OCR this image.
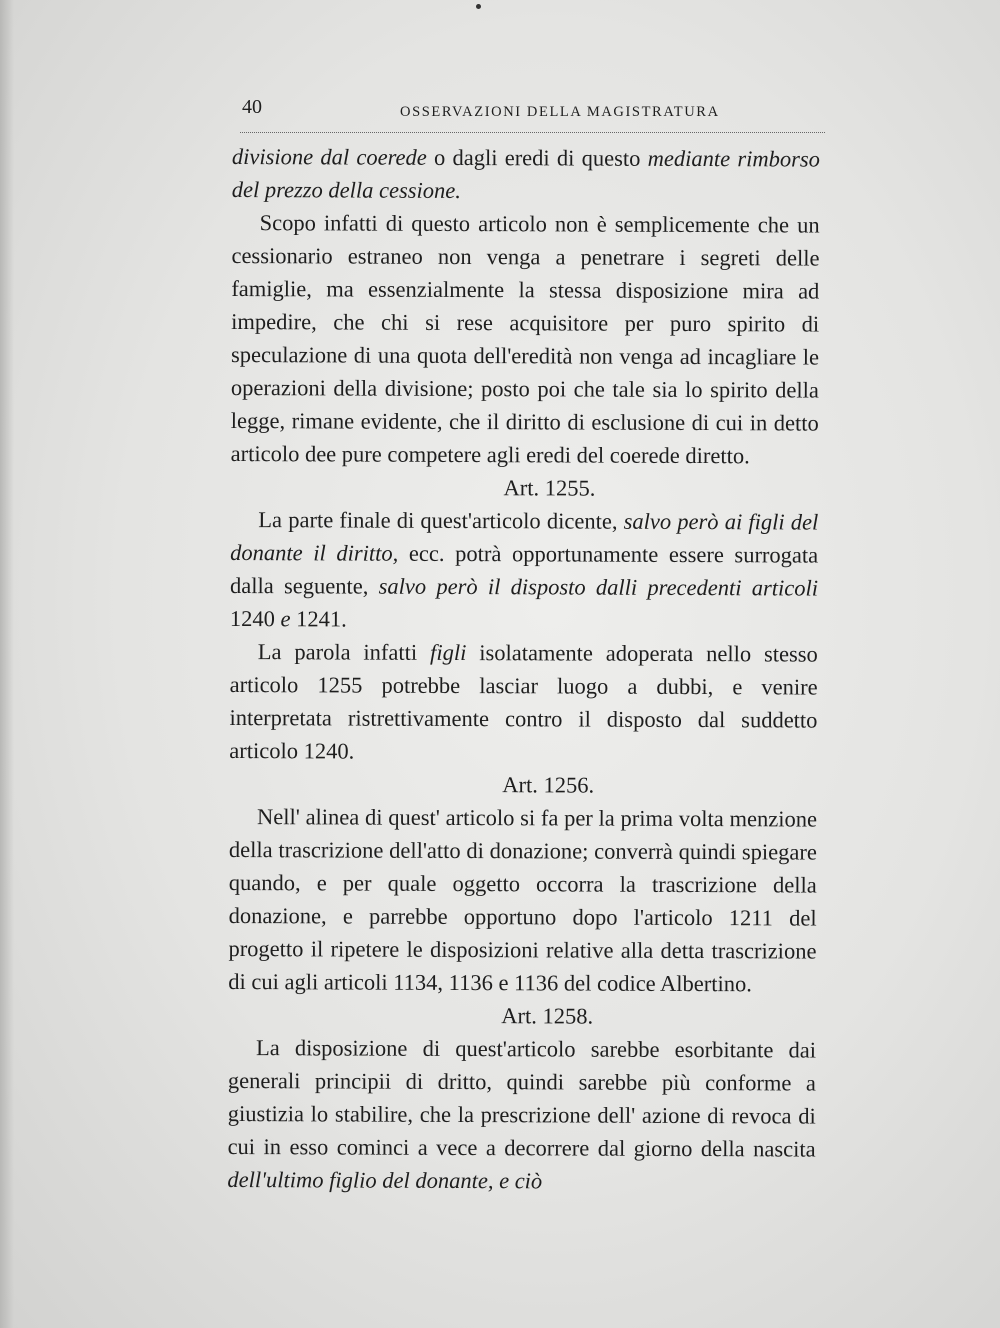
40	OSSERVAZIONI DELLA MAGISTRATURA

divisione dal coerede o dagli eredi di questo mediante rimborso del prezzo della cessione.

Scopo infatti di questo articolo non è semplicemente che un cessionario estraneo non venga a penetrare i segreti delle famiglie, ma essenzialmente la stessa disposizione mira ad impedire, che chi si rese acquisitore per puro spirito di speculazione di una quota dell'eredità non venga ad incagliare le operazioni della divisione; posto poi che tale sia lo spirito della legge, rimane evidente, che il diritto di esclusione di cui in detto articolo dee pure competere agli eredi del coerede diretto.

Art. 1255.

La parte finale di quest'articolo dicente, salvo però ai figli del donante il diritto, ecc. potrà opportunamente essere surrogata dalla seguente, salvo però il disposto dalli precedenti articoli 1240 e 1241.

La parola infatti figli isolatamente adoperata nello stesso articolo 1255 potrebbe lasciar luogo a dubbi, e venire interpretata ristrettivamente contro il disposto dal suddetto articolo 1240.

Art. 1256.

Nell' alinea di quest' articolo si fa per la prima volta menzione della trascrizione dell'atto di donazione; converrà quindi spiegare quando, e per quale oggetto occorra la trascrizione della donazione, e parrebbe opportuno dopo l'articolo 1211 del progetto il ripetere le disposizioni relative alla detta trascrizione di cui agli articoli 1134, 1136 e 1136 del codice Albertino.

Art. 1258.

La disposizione di quest'articolo sarebbe esorbitante dai generali principii di dritto, quindi sarebbe più conforme a giustizia lo stabilire, che la prescrizione dell' azione di revoca di cui in esso cominci a vece a decorrere dal giorno della nascita dell'ultimo figlio del donante, e ciò
